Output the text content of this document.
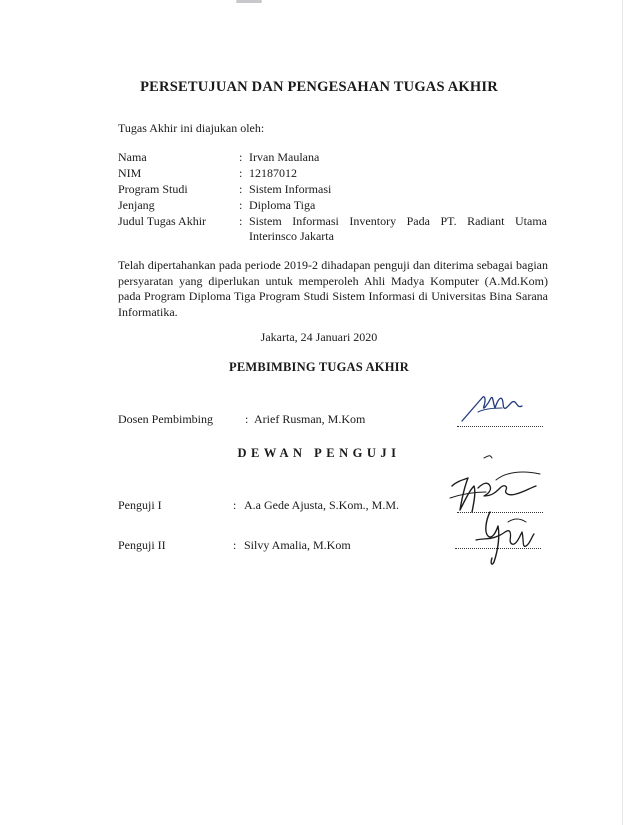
PERSETUJUAN DAN PENGESAHAN TUGAS AKHIR
Tugas Akhir ini diajukan oleh:
Nama	: Irvan Maulana
NIM	: 12187012
Program Studi	: Sistem Informasi
Jenjang	: Diploma Tiga
Judul Tugas Akhir	: Sistem Informasi Inventory Pada PT. Radiant Utama Interinsco Jakarta
Telah dipertahankan pada periode 2019-2 dihadapan penguji dan diterima sebagai bagian persyaratan yang diperlukan untuk memperoleh Ahli Madya Komputer (A.Md.Kom) pada Program Diploma Tiga Program Studi Sistem Informasi di Universitas Bina Sarana Informatika.
Jakarta, 24 Januari 2020
PEMBIMBING TUGAS AKHIR
Dosen Pembimbing	: Arief Rusman, M.Kom
DEWAN PENGUJI
Penguji I	: A.a Gede Ajusta, S.Kom., M.M.
Penguji II	: Silvy Amalia, M.Kom
